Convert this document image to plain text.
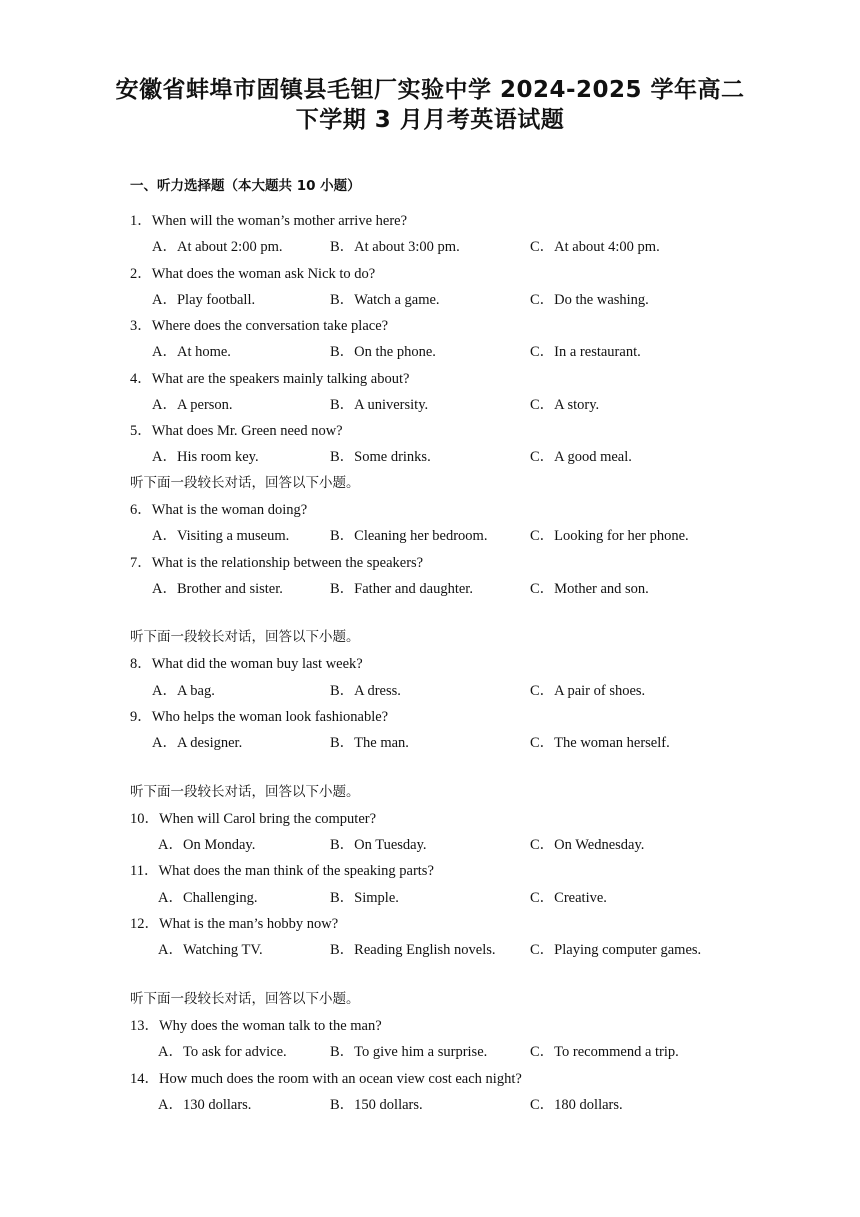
安徽省蚌埠市固镇县毛钽厂实验中学 2024-2025 学年高二
下学期 3 月月考英语试题
一、听力选择题（本大题共 10 小题）
1．When will the woman’s mother arrive here?
A．At about 2:00 pm.	B．At about 3:00 pm.	C．At about 4:00 pm.
2．What does the woman ask Nick to do?
A．Play football.	B．Watch a game.	C．Do the washing.
3．Where does the conversation take place?
A．At home.	B．On the phone.	C．In a restaurant.
4．What are the speakers mainly talking about?
A．A person.	B．A university.	C．A story.
5．What does Mr. Green need now?
A．His room key.	B．Some drinks.	C．A good meal.
听下面一段较长对话，回答以下小题。
6．What is the woman doing?
A．Visiting a museum.	B．Cleaning her bedroom.	C．Looking for her phone.
7．What is the relationship between the speakers?
A．Brother and sister.	B．Father and daughter.	C．Mother and son.
听下面一段较长对话，回答以下小题。
8．What did the woman buy last week?
A．A bag.	B．A dress.	C．A pair of shoes.
9．Who helps the woman look fashionable?
A．A designer.	B．The man.	C．The woman herself.
听下面一段较长对话，回答以下小题。
10．When will Carol bring the computer?
A．On Monday.	B．On Tuesday.	C．On Wednesday.
11．What does the man think of the speaking parts?
A．Challenging.	B．Simple.	C．Creative.
12．What is the man’s hobby now?
A．Watching TV.	B．Reading English novels. C．Playing computer games.
听下面一段较长对话，回答以下小题。
13．Why does the woman talk to the man?
A．To ask for advice.	B．To give him a surprise.	C．To recommend a trip.
14．How much does the room with an ocean view cost each night?
A．130 dollars.	B．150 dollars.	C．180 dollars.
